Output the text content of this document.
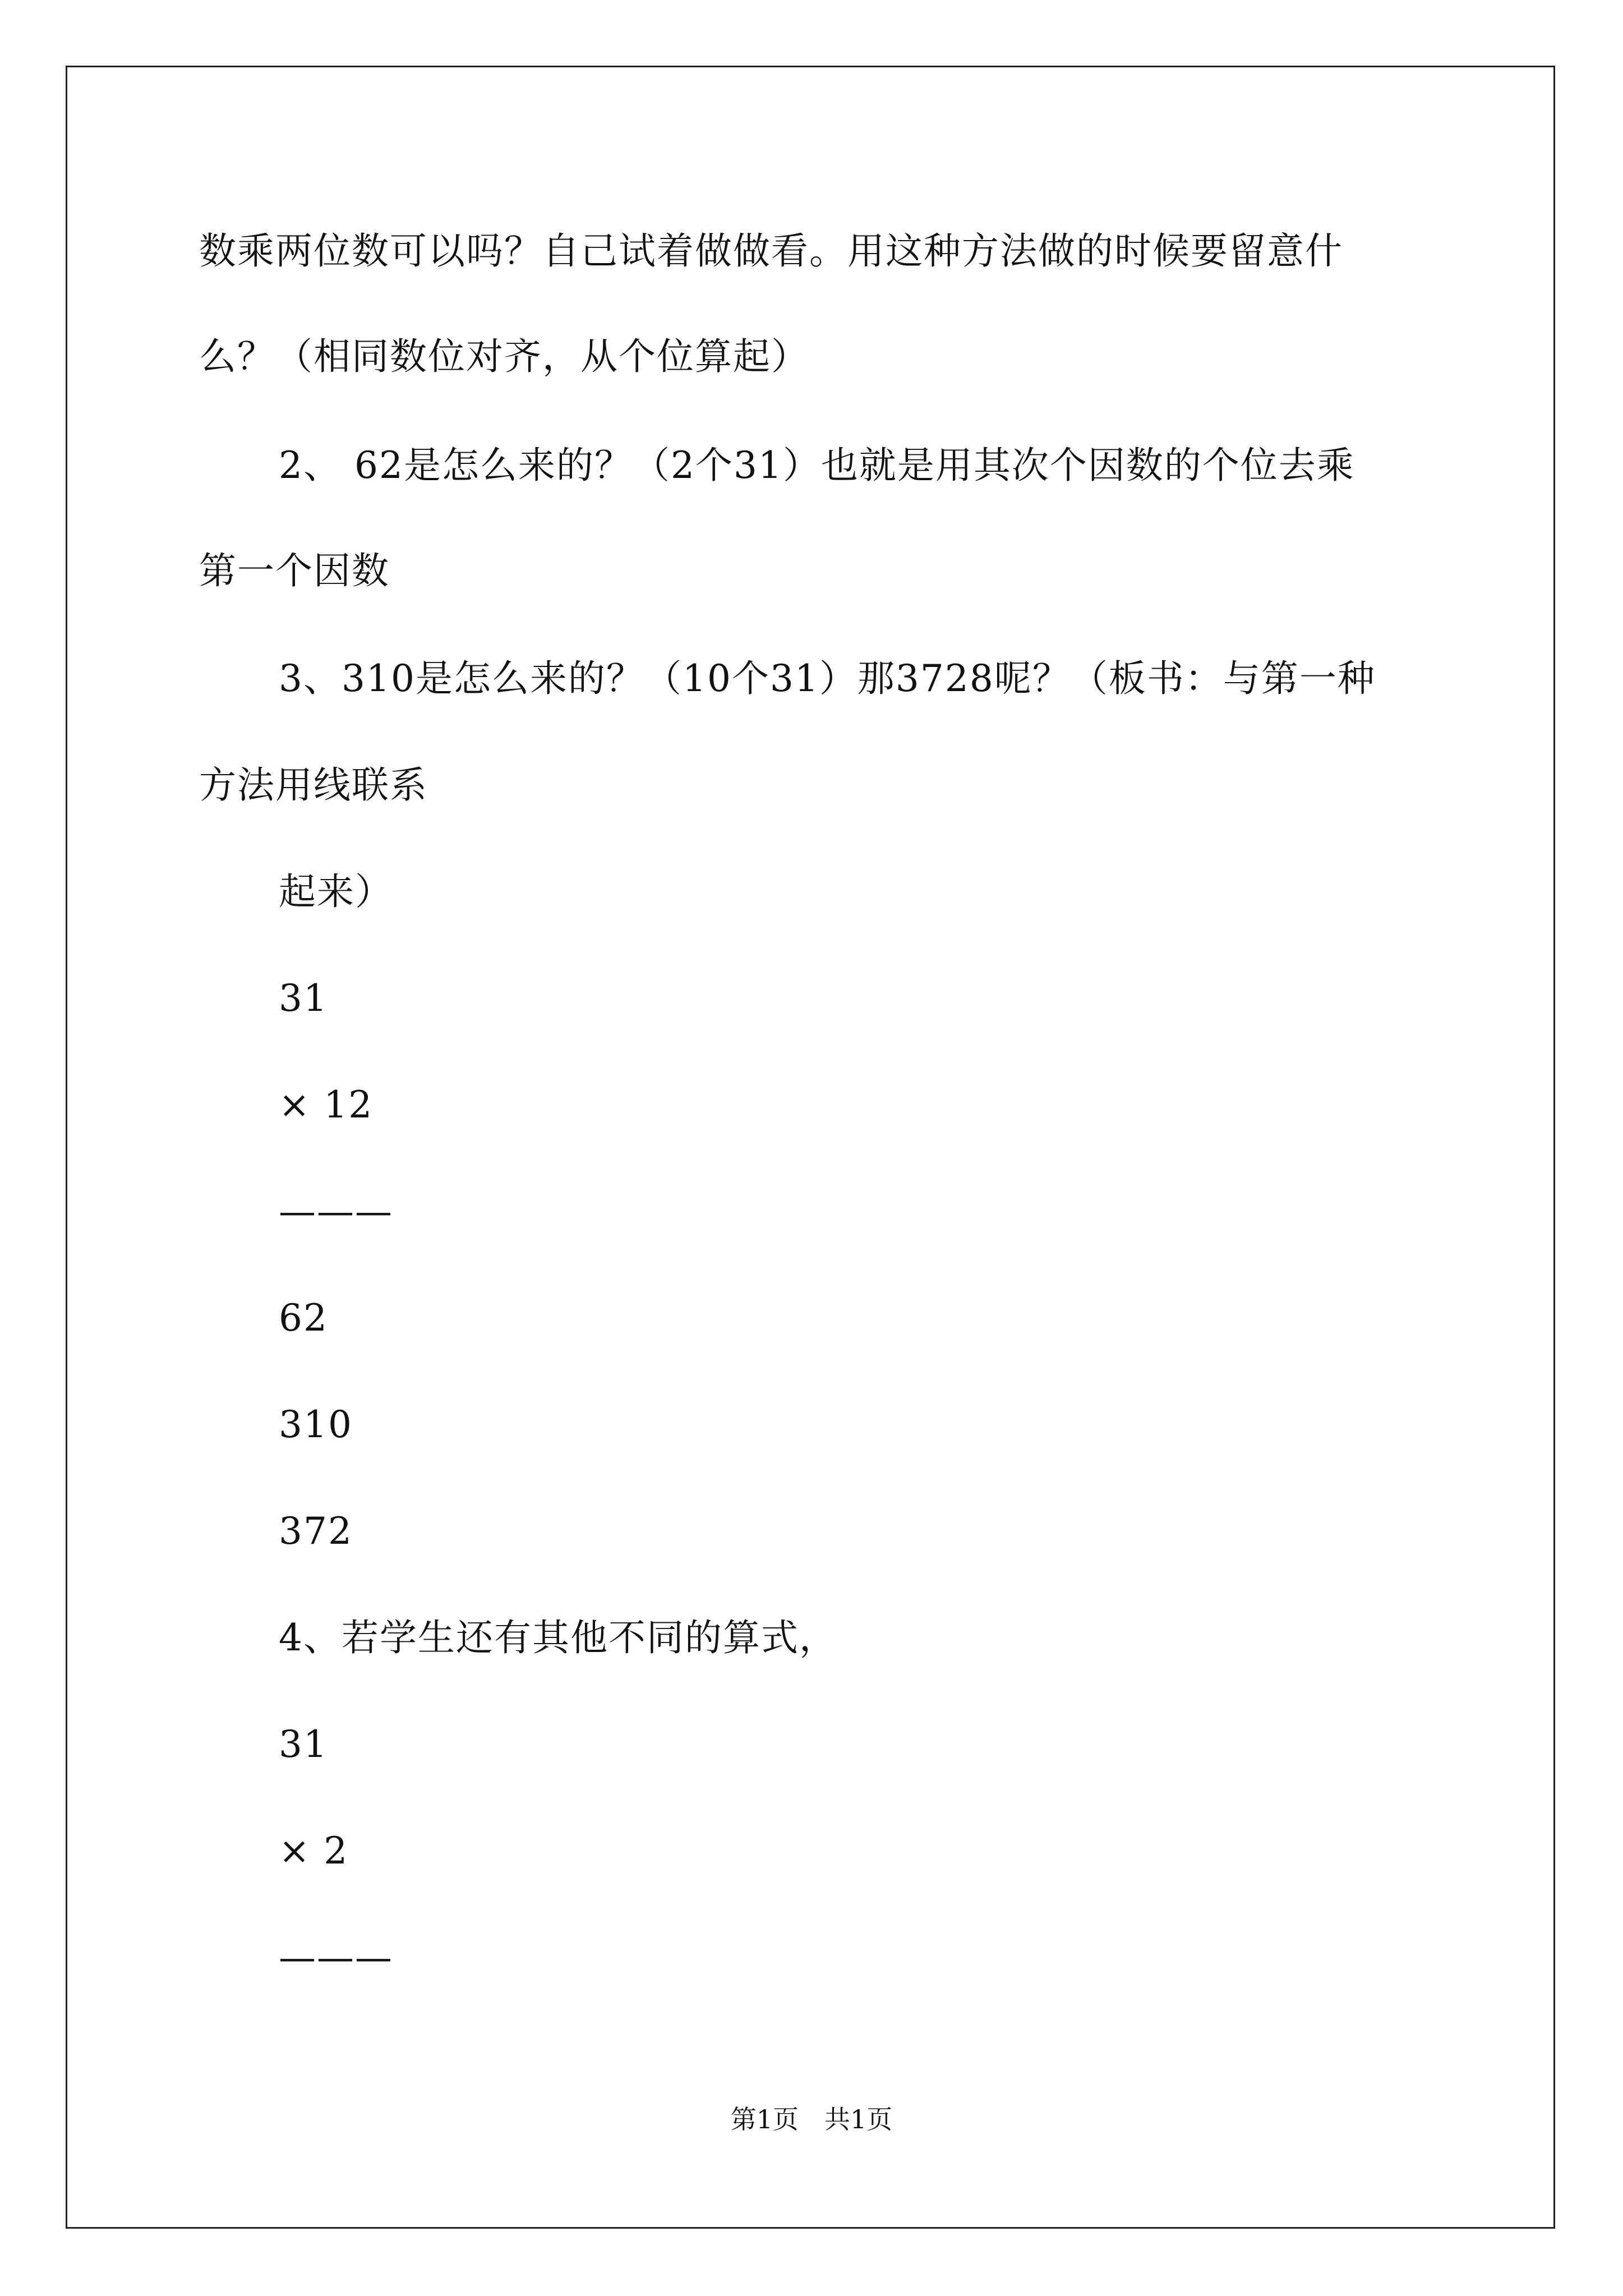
数乘两位数可以吗？自己试着做做看。用这种方法做的时候要留意什
么？（相同数位对齐，从个位算起）
2、 62是怎么来的？（2个31）也就是用其次个因数的个位去乘
第一个因数
3、310是怎么来的？（10个31）那3728呢？（板书：与第一种
方法用线联系
起来）
31
× 12
———
62
310
372
4、若学生还有其他不同的算式，
31
× 2
———
第1页　共1页
